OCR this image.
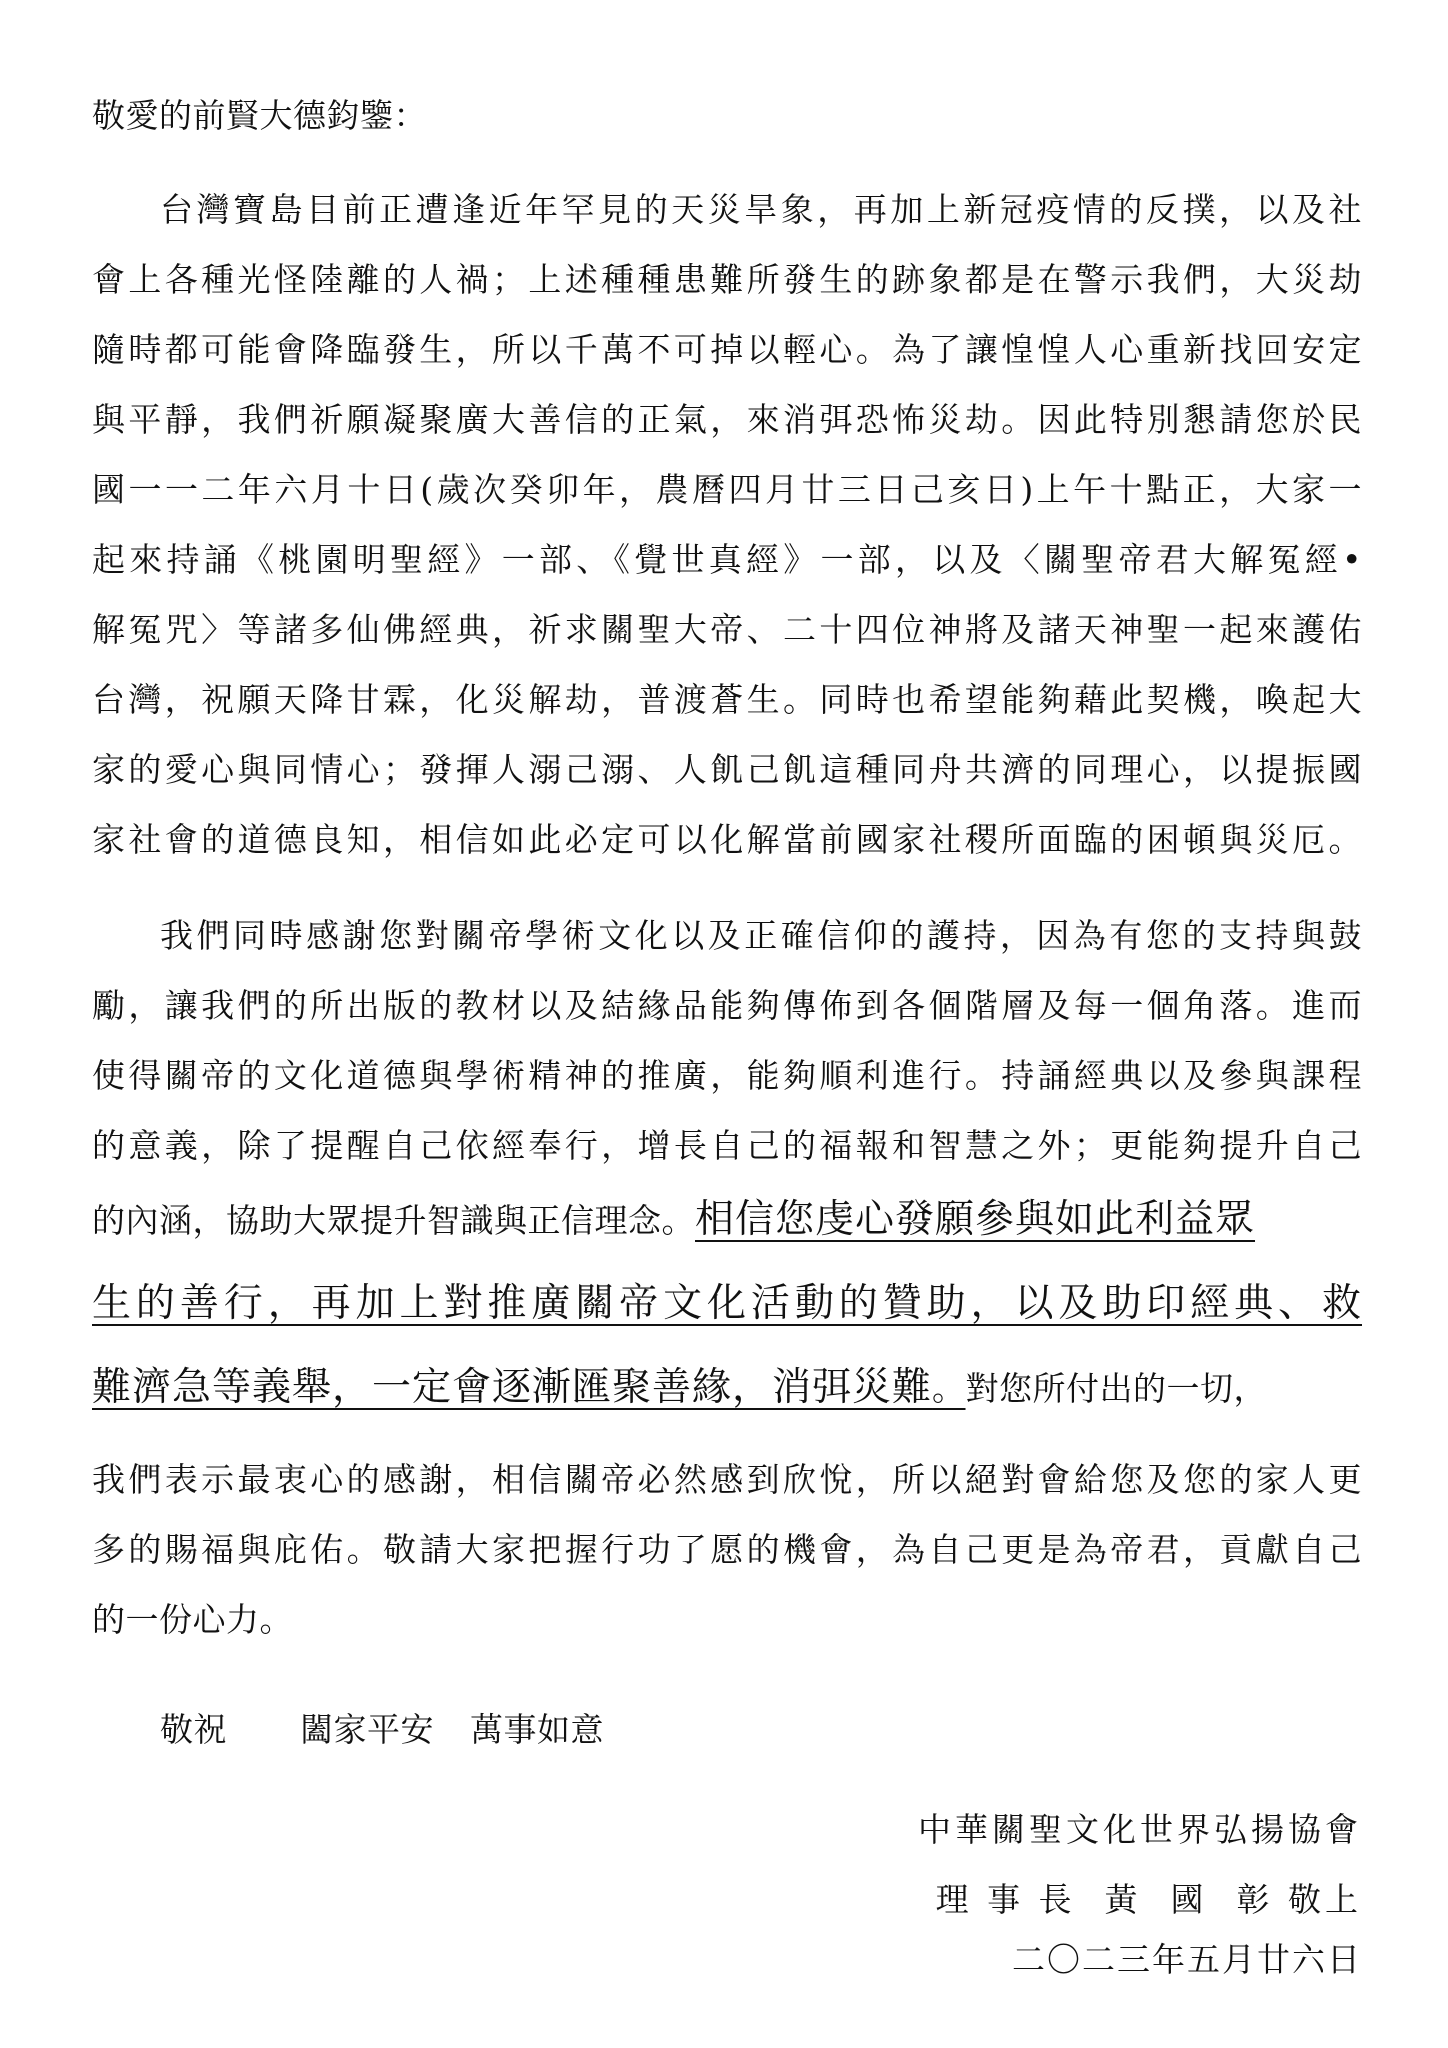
敬愛的前賢大德鈞鑒：
台灣寶島目前正遭逢近年罕見的天災旱象，再加上新冠疫情的反撲，以及社
會上各種光怪陸離的人禍；上述種種患難所發生的跡象都是在警示我們，大災劫
隨時都可能會降臨發生，所以千萬不可掉以輕心。為了讓惶惶人心重新找回安定
與平靜，我們祈願凝聚廣大善信的正氣，來消弭恐怖災劫。因此特別懇請您於民
國一一二年六月十日(歲次癸卯年，農曆四月廿三日己亥日)上午十點正，大家一
起來持誦《桃園明聖經》一部、《覺世真經》一部，以及〈關聖帝君大解冤經•
解冤咒〉等諸多仙佛經典，祈求關聖大帝、二十四位神將及諸天神聖一起來護佑
台灣，祝願天降甘霖，化災解劫，普渡蒼生。同時也希望能夠藉此契機，喚起大
家的愛心與同情心；發揮人溺己溺、人飢己飢這種同舟共濟的同理心，以提振國
家社會的道德良知，相信如此必定可以化解當前國家社稷所面臨的困頓與災厄。
我們同時感謝您對關帝學術文化以及正確信仰的護持，因為有您的支持與鼓
勵，讓我們的所出版的教材以及結緣品能夠傳佈到各個階層及每一個角落。進而
使得關帝的文化道德與學術精神的推廣，能夠順利進行。持誦經典以及參與課程
的意義，除了提醒自己依經奉行，增長自己的福報和智慧之外；更能夠提升自己
的內涵，協助大眾提升智識與正信理念。相信您虔心發願參與如此利益眾
生的善行，再加上對推廣關帝文化活動的贊助，以及助印經典、救
難濟急等義舉，一定會逐漸匯聚善緣，消弭災難。對您所付出的一切，
我們表示最衷心的感謝，相信關帝必然感到欣悅，所以絕對會給您及您的家人更
多的賜福與庇佑。敬請大家把握行功了愿的機會，為自己更是為帝君，貢獻自己
的一份心力。
敬祝 闔家平安 萬事如意
中華關聖文化世界弘揚協會
理 事 長  黃  國  彰 敬上
二〇二三年五月廿六日
